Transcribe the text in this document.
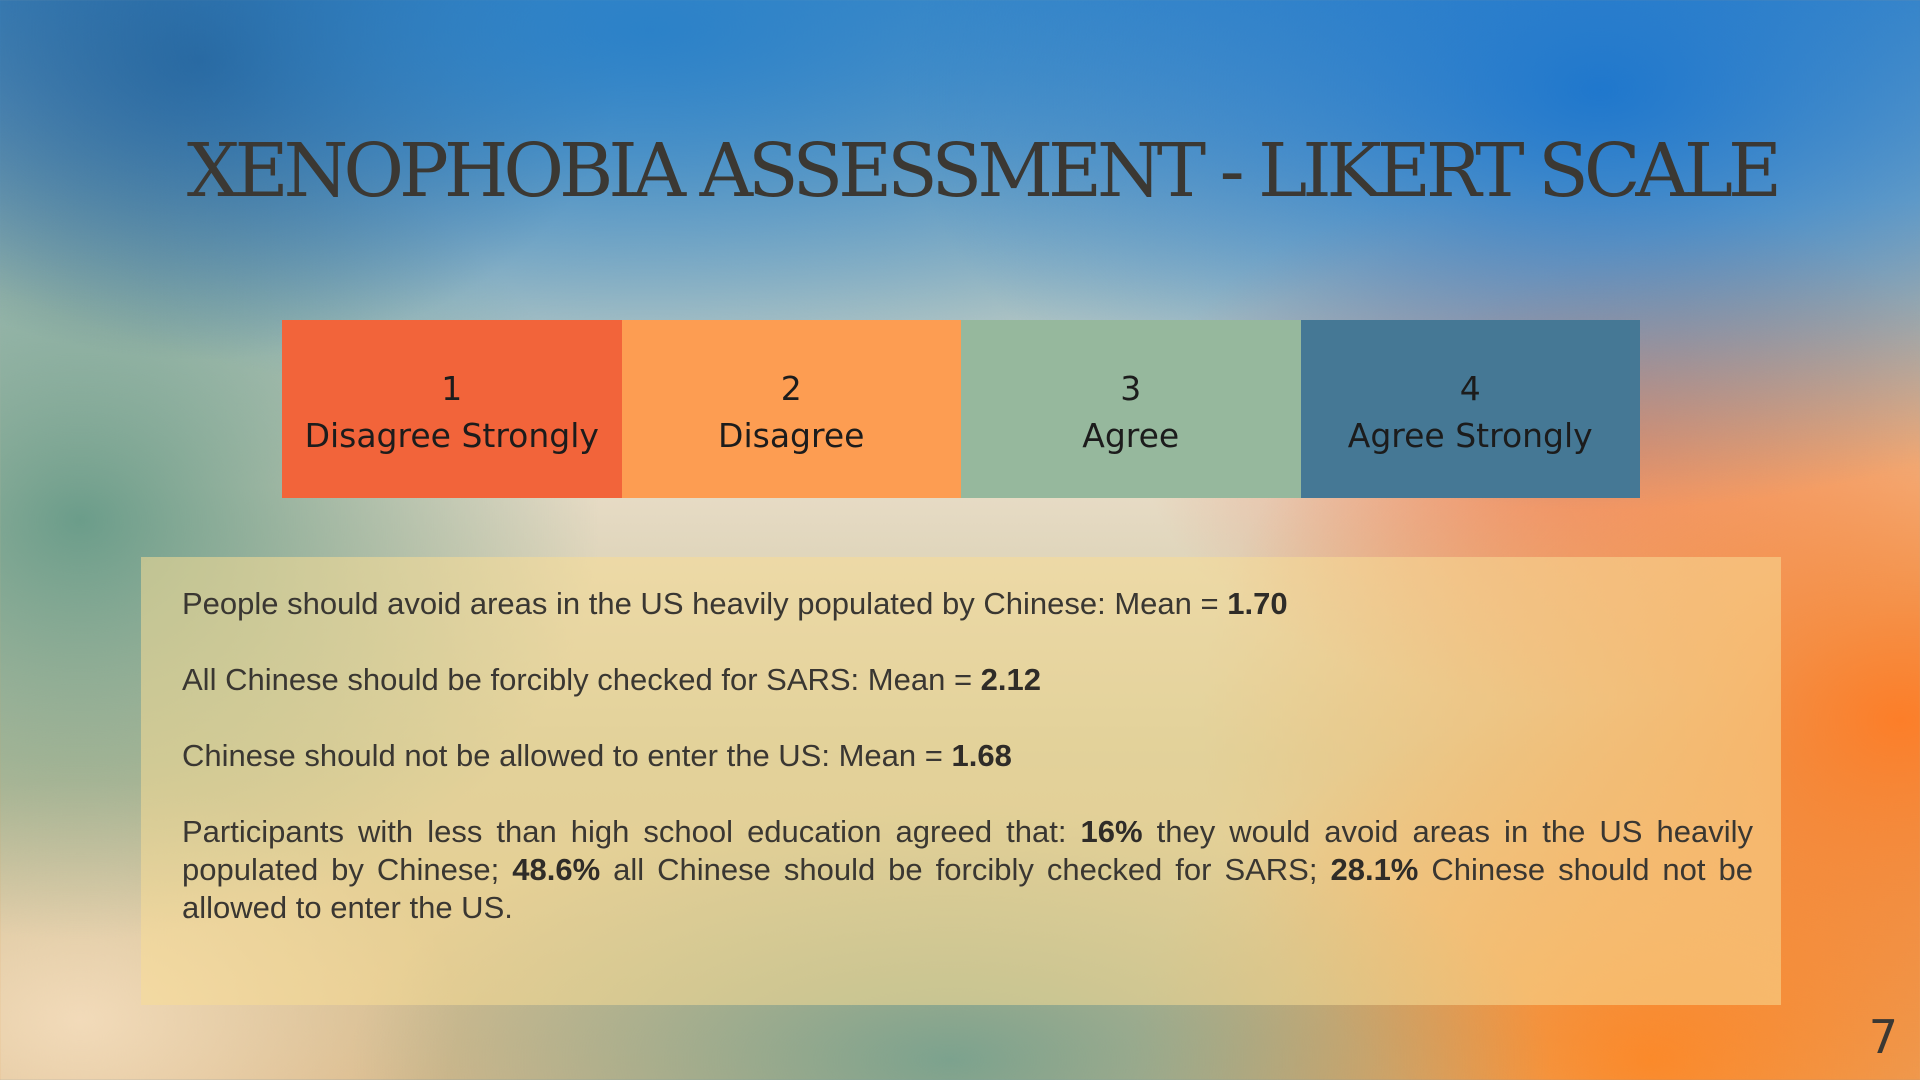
XENOPHOBIA ASSESSMENT - LIKERT SCALE
1
Disagree Strongly
2
Disagree
3
Agree
4
Agree Strongly

People should avoid areas in the US heavily populated by Chinese: Mean = 1.70

All Chinese should be forcibly checked for SARS: Mean = 2.12

Chinese should not be allowed to enter the US: Mean = 1.68

Participants with less than high school education agreed that: 16% they would avoid areas in the US heavily populated by Chinese; 48.6% all Chinese should be forcibly checked for SARS; 28.1% Chinese should not be allowed to enter the US.

7
